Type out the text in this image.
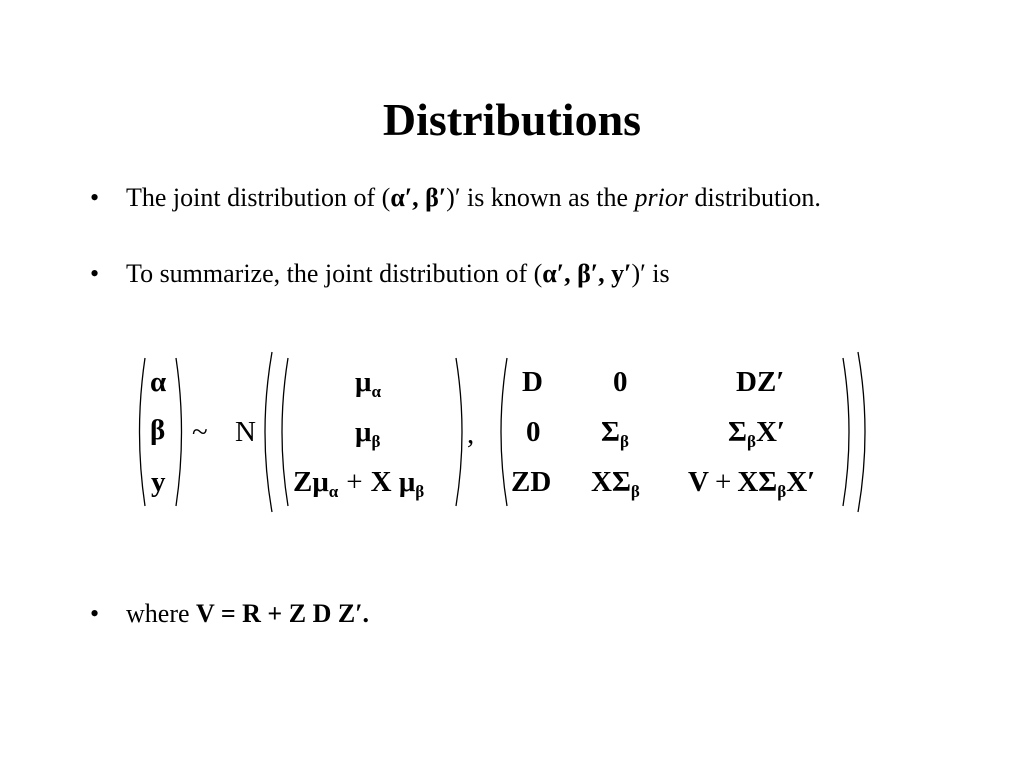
Distributions
• The joint distribution of (α′, β′)′ is known as the prior distribution.
• To summarize, the joint distribution of (α′, β′, y′)′ is
α
β
y
~ N
$\mu_\alpha$
$\mu_\beta$
$Z\mu_\alpha + X$ $\mu_\beta$
,
D 0	DZ′
0 $\Sigma_\beta$	$\Sigma_\beta X'$
ZD $X\Sigma_\beta$ $V + X\Sigma_\beta X'$
• where V = R + Z D Z′.
